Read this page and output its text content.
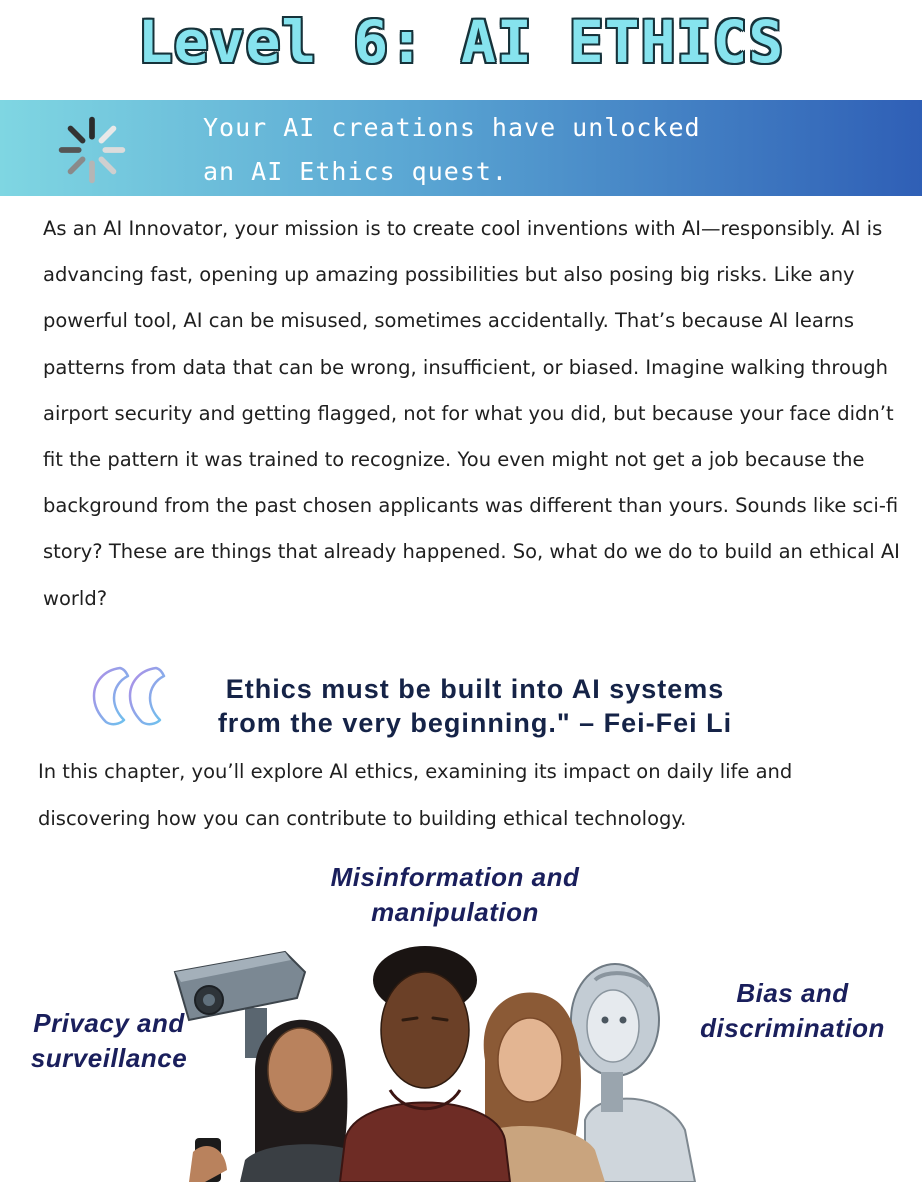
Level 6: AI ETHICS
Your AI creations have unlocked
an AI Ethics quest.

As an AI Innovator, your mission is to create cool inventions with AI—responsibly. AI is advancing fast, opening up amazing possibilities but also posing big risks. Like any powerful tool, AI can be misused, sometimes accidentally. That’s because AI learns patterns from data that can be wrong, insufficient, or biased. Imagine walking through airport security and getting flagged, not for what you did, but because your face didn’t fit the pattern it was trained to recognize. You even might not get a job because the background from the past chosen applicants was different than yours. Sounds like sci-fi story? These are things that already happened. So, what do we do to build an ethical AI world?

Ethics must be built into AI systems
from the very beginning." – Fei-Fei Li

In this chapter, you’ll explore AI ethics, examining its impact on daily life and discovering how you can contribute to building ethical technology.

Misinformation and
manipulation
Privacy and
surveillance
Bias and
discrimination
